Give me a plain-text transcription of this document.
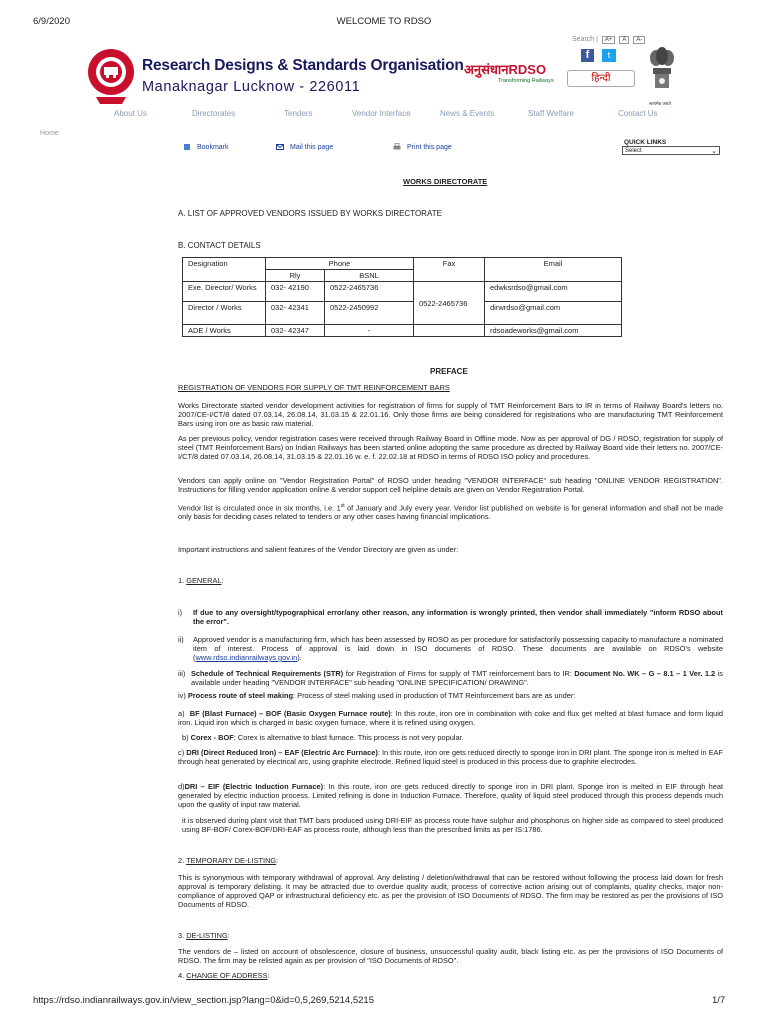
6/9/2020	WELCOME TO RDSO
Research Designs & Standards Organisation
Manaknagar Lucknow - 226011
अनुसंधानRDSO
Transforming Railways
Search | A+ A A-
f	t
हिन्दी
सत्यमेव जयते
About Us	Directorates	Tenders	Vendor Interface	News & Events	Staff Welfare	Contact Us
Home
Bookmark	Mail this page	Print this page
QUICK LINKS
Select	⌄
WORKS DIRECTORATE
A. LIST OF APPROVED VENDORS ISSUED BY WORKS DIRECTORATE
B. CONTACT DETAILS
Designation	Phone		Fax	Email
	Rly	BSNL		
Exe. Director/ Works	032- 42190	0522-2465736	0522-2465736	edwksrdso@gmail.com
Director / Works	032- 42341	0522-2450992		dirwrdso@gmail.com
ADE / Works	032- 42347	-		rdsoadeworks@gmail.com
PREFACE
REGISTRATION OF VENDORS FOR SUPPLY OF TMT REINFORCEMENT BARS
Works Directorate started vendor development activities for registration of firms for supply of TMT Reinforcement Bars to IR in terms of Railway Board's letters no. 2007/CE-I/CT/8 dated 07.03.14, 26.08.14, 31.03.15 & 22.01.16. Only those firms are being considered for registrations who are manufacturing TMT Reinforcement Bars using iron ore as basic raw material.
As per previous policy, vendor registration cases were received through Railway Board in Offline mode. Now as per approval of DG / RDSO, registration for supply of steel (TMT Reinforcement Bars) on Indian Railways has been started online adopting the same procedure as directed by Railway Board vide their letters no. 2007/CE-I/CT/8 dated 07.03.14, 26.08.14, 31.03.15 & 22.01.16 w. e. f. 22.02.18 at RDSO in terms of RDSO ISO policy and procedures.
Vendors can apply online on "Vendor Registration Portal" of RDSO under heading "VENDOR INTERFACE" sub heading "ONLINE VENDOR REGISTRATION". Instructions for filling vendor application online & vendor support cell helpline details are given on Vendor Registration Portal.
Vendor list is circulated once in six months, i.e. 1st of January and July every year. Vendor list published on website is for general information and shall not be made only basis for deciding cases related to tenders or any other cases having financial implications.
Important instructions and salient features of the Vendor Directory are given as under:
1. GENERAL:
i) If due to any oversight/typographical error/any other reason, any information is wrongly printed, then vendor shall immediately "inform RDSO about the error".
ii) Approved vendor is a manufacturing firm, which has been assessed by RDSO as per procedure for satisfactorily possessing capacity to manufacture a nominated item of interest. Process of approval is laid down in ISO documents of RDSO. These documents are available on RDSO's website (www.rdso.indianrailways.gov.in).
iii) Schedule of Technical Requirements (STR) for Registration of Firms for supply of TMT reinforcement bars to IR: Document No. WK – G – 8.1 – 1 Ver. 1.2 is available under heading "VENDOR INTERFACE" sub heading "ONLINE SPECIFICATION/ DRAWING".
iv) Process route of steel making: Process of steel making used in production of TMT Reinforcement bars are as under:
a) BF (Blast Furnace) – BOF (Basic Oxygen Furnace route): In this route, iron ore in combination with coke and flux get melted at blast furnace and form liquid iron. Liquid iron which is charged in basic oxygen furnace, where it is refined using oxygen.
b) Corex - BOF: Corex is alternative to blast furnace. This process is not very popular.
c) DRI (Direct Reduced Iron) – EAF (Electric Arc Furnace): In this route, iron ore gets reduced directly to sponge iron in DRI plant. The sponge iron is melted in EAF through heat generated by electrical arc, using graphite electrode. Refined liquid steel is produced in this process due to graphite electrodes.
d)DRI – EIF (Electric Induction Furnace): In this route, iron ore gets reduced directly to sponge iron in DRI plant. Sponge iron is melted in EIF through heat generated by electric induction process. Limited refining is done in Induction Furnace. Therefore, quality of liquid steel produced through this process depends much upon the quality of input raw material.
it is observed during plant visit that TMT bars produced using DRI-EIF as process route have sulphur and phosphorus on higher side as compared to steel produced using BF-BOF/ Corex-BOF/DRI-EAF as process route, although less than the prescribed limits as per IS:1786.
2. TEMPORARY DE-LISTING:
This is synonymous with temporary withdrawal of approval. Any delisting / deletion/withdrawal that can be restored without following the process laid down for fresh approval is temporary delisting. It may be attracted due to overdue quality audit, process of corrective action arising out of complaints, quality checks, major non-compliance of approved QAP or infrastructural deficiency etc. as per the provision of ISO Documents of RDSO. The firm may be restored as per the provisions of ISO Documents of RDSO.
3. DE-LISTING:
The vendors de – listed on account of obsolescence, closure of business, unsuccessful quality audit, black listing etc. as per the provisions of ISO Documents of RDSO. The firm may be relisted again as per provision of "ISO Documents of RDSO".
4. CHANGE OF ADDRESS:
https://rdso.indianrailways.gov.in/view_section.jsp?lang=0&id=0,5,269,5214,5215	1/7
